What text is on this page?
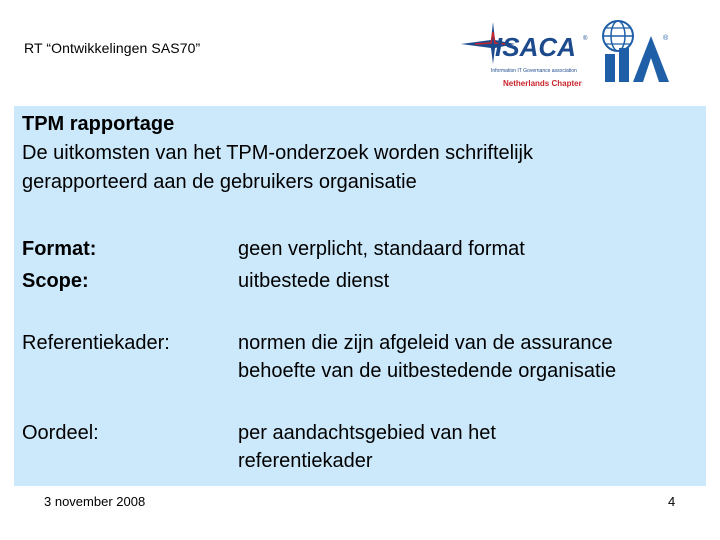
RT “Ontwikkelingen SAS70”	ISACA ®
Information IT Governance association
Netherlands Chapter
®
TPM rapportage
De uitkomsten van het TPM-onderzoek worden schriftelijk
gerapporteerd aan de gebruikers organisatie
Format:	geen verplicht, standaard format
Scope:	uitbestede dienst
Referentiekader:	normen die zijn afgeleid van de assurance
behoefte van de uitbestedende organisatie
Oordeel:	per aandachtsgebied van het
referentiekader
3 november 2008	4
